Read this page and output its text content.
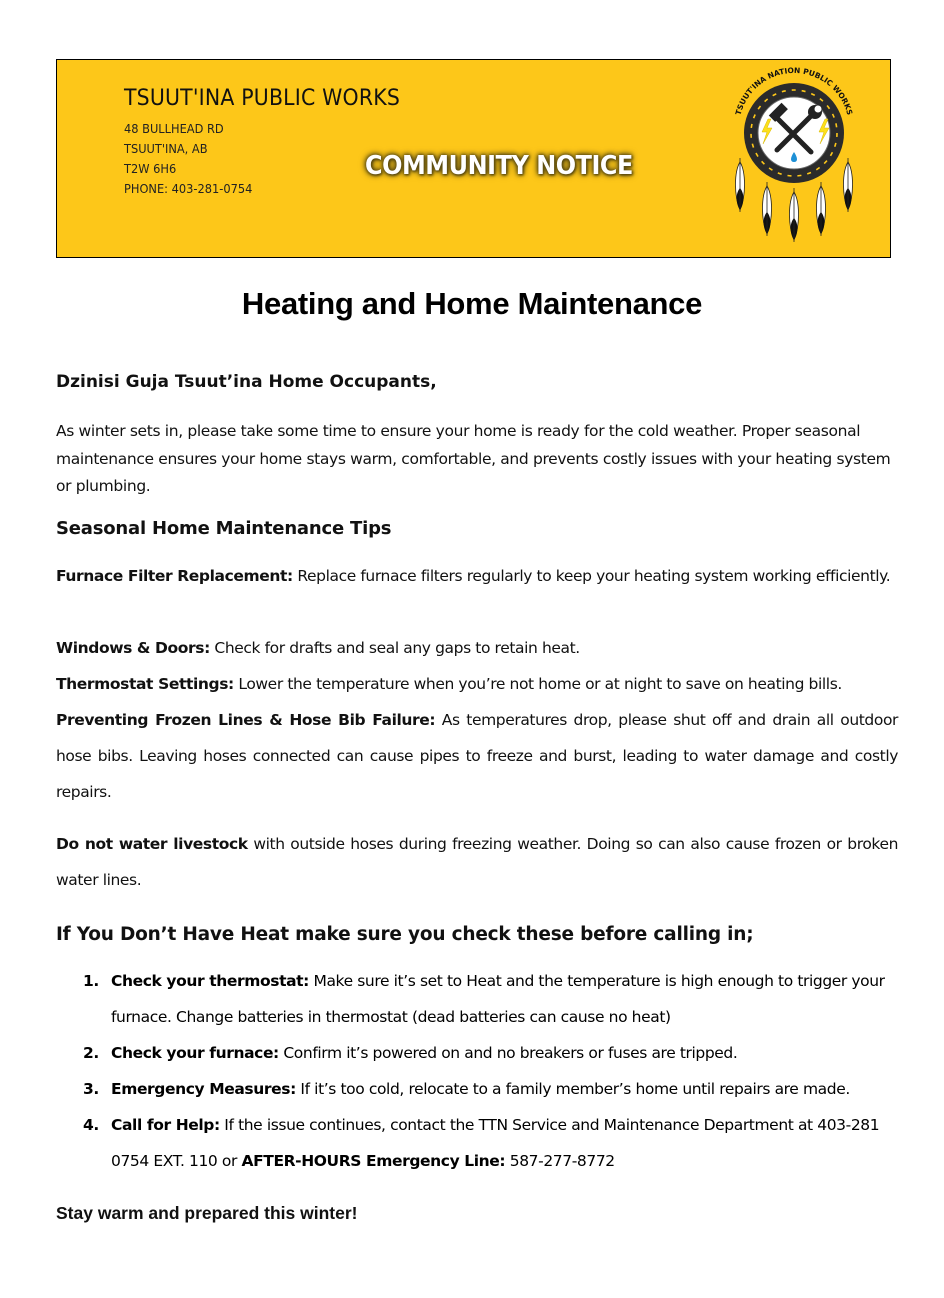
TSUUT'INA PUBLIC WORKS
48 BULLHEAD RD
TSUUT'INA, AB
T2W 6H6
PHONE: 403-281-0754
COMMUNITY NOTICE
TSUUT'INA NATION PUBLIC WORKS
Heating and Home Maintenance
Dzinisi Guja Tsuut’ina Home Occupants,

As winter sets in, please take some time to ensure your home is ready for the cold weather. Proper seasonal maintenance ensures your home stays warm, comfortable, and prevents costly issues with your heating system or plumbing.

Seasonal Home Maintenance Tips

Furnace Filter Replacement: Replace furnace filters regularly to keep your heating system working efficiently.

Windows & Doors: Check for drafts and seal any gaps to retain heat.

Thermostat Settings: Lower the temperature when you’re not home or at night to save on heating bills.

Preventing Frozen Lines & Hose Bib Failure: As temperatures drop, please shut off and drain all outdoor hose bibs. Leaving hoses connected can cause pipes to freeze and burst, leading to water damage and costly repairs.

Do not water livestock with outside hoses during freezing weather. Doing so can also cause frozen or broken water lines.

If You Don’t Have Heat make sure you check these before calling in;
1. Check your thermostat: Make sure it’s set to Heat and the temperature is high enough to trigger your furnace. Change batteries in thermostat (dead batteries can cause no heat)
2. Check your furnace: Confirm it’s powered on and no breakers or fuses are tripped.
3. Emergency Measures: If it’s too cold, relocate to a family member’s home until repairs are made.
4. Call for Help: If the issue continues, contact the TTN Service and Maintenance Department at 403-281 0754 EXT. 110 or AFTER-HOURS Emergency Line: 587-277-8772
Stay warm and prepared this winter!
